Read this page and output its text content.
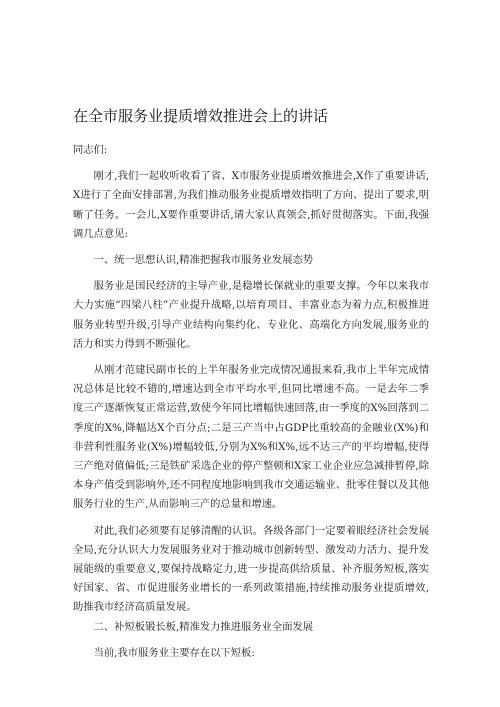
在全市服务业提质增效推进会上的讲话

同志们:

刚才,我们一起收听收看了省、X市服务业提质增效推进会,X作了重要讲话,X进行了全面安排部署,为我们推动服务业提质增效指明了方向、提出了要求,明晰了任务。一会儿,X要作重要讲话,请大家认真领会,抓好贯彻落实。下面,我强调几点意见:

一、统一思想认识,精准把握我市服务业发展态势

服务业是国民经济的主导产业,是稳增长保就业的重要支撑。今年以来我市大力实施“四梁八柱”产业提升战略,以培育项目、丰富业态为着力点,积极推进服务业转型升级,引导产业结构向集约化、专业化、高端化方向发展,服务业的活力和实力得到不断强化。

从刚才范建民副市长的上半年服务业完成情况通报来看,我市上半年完成情况总体是比较不错的,增速达到全市平均水平,但同比增速不高。一是去年二季度三产逐渐恢复正常运营,致使今年同比增幅快速回落,由一季度的X%回落到二季度的X%,降幅达X个百分点;二是三产当中占GDP比重较高的金融业(X%)和非营利性服务业(X%)增幅较低,分别为X%和X%,远不达三产的平均增幅,使得三产绝对值偏低;三是铁矿采选企业的停产整顿和X家工业企业应急减排暂停,除本身产值受到影响外,还不同程度地影响到我市交通运输业、批零住餐以及其他服务行业的生产,从而影响三产的总量和增速。

对此,我们必须要有足够清醒的认识。各级各部门一定要着眼经济社会发展全局,充分认识大力发展服务业对于推动城市创新转型、激发动力活力、提升发展能级的重要意义,要保持战略定力,进一步提高供给质量、补齐服务短板,落实好国家、省、市促进服务业增长的一系列政策措施,持续推动服务业提质增效,助推我市经济高质量发展。

二、补短板锻长板,精准发力推进服务业全面发展

当前,我市服务业主要存在以下短板:
